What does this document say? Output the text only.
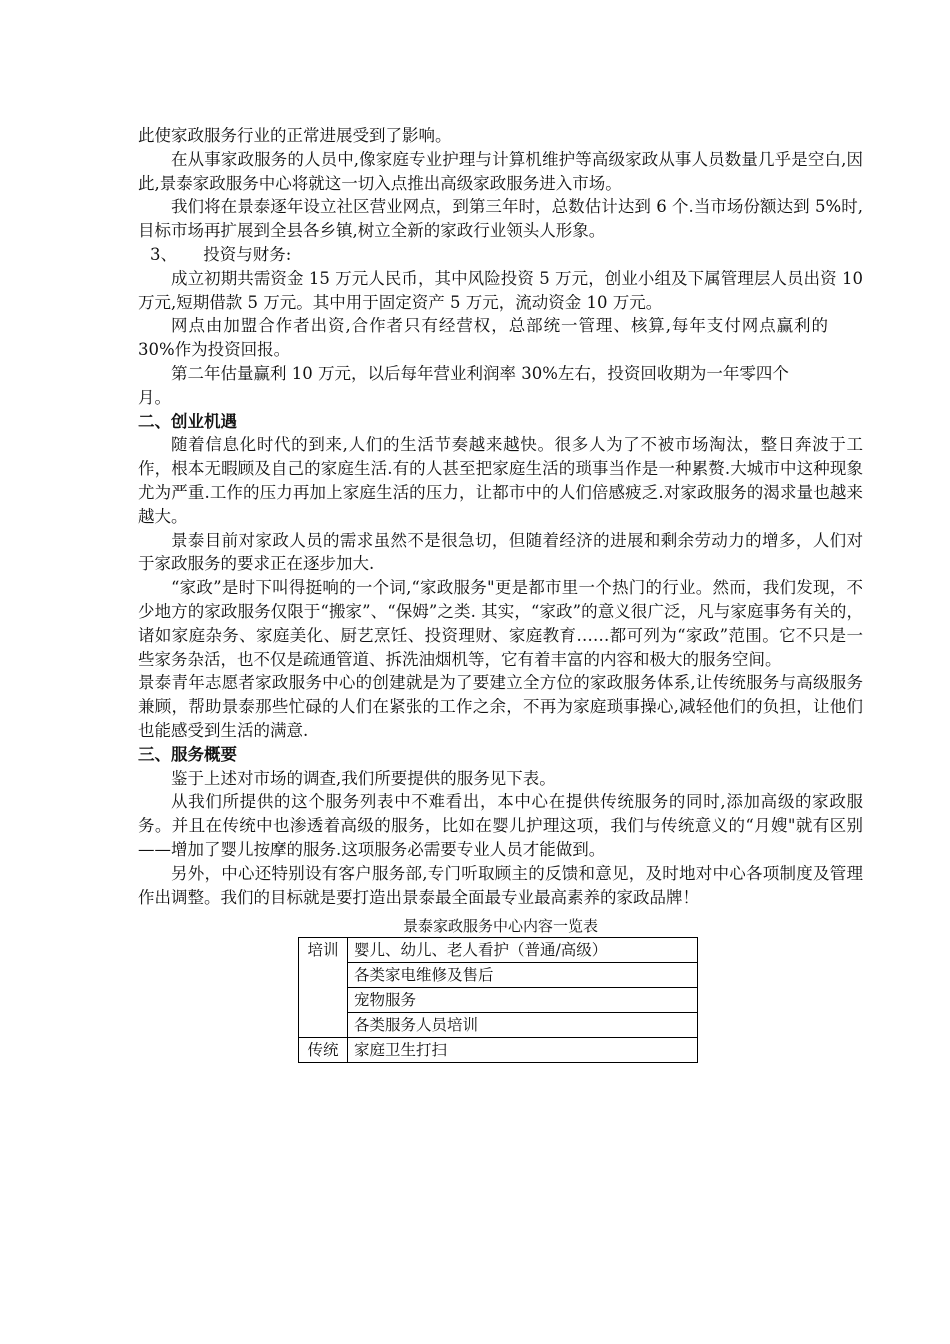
此使家政服务行业的正常进展受到了影响。

在从事家政服务的人员中,像家庭专业护理与计算机维护等高级家政从事人员数量几乎是空白,因此,景泰家政服务中心将就这一切入点推出高级家政服务进入市场。

我们将在景泰逐年设立社区营业网点，到第三年时，总数估计达到 6 个.当市场份额达到 5%时,目标市场再扩展到全县各乡镇,树立全新的家政行业领头人形象。

3、     投资与财务:

成立初期共需资金 15 万元人民币，其中风险投资 5 万元，创业小组及下属管理层人员出资 10 万元,短期借款 5 万元。其中用于固定资产 5 万元，流动资金 10 万元。

网点由加盟合作者出资,合作者只有经营权，总部统一管理、核算,每年支付网点赢利的 30%作为投资回报。

第二年估量赢利 10 万元，以后每年营业利润率 30%左右，投资回收期为一年零四个

月。

二、创业机遇

随着信息化时代的到来,人们的生活节奏越来越快。很多人为了不被市场淘汰，整日奔波于工作，根本无暇顾及自己的家庭生活.有的人甚至把家庭生活的琐事当作是一种累赘.大城市中这种现象尤为严重.工作的压力再加上家庭生活的压力，让都市中的人们倍感疲乏.对家政服务的渴求量也越来越大。

景泰目前对家政人员的需求虽然不是很急切，但随着经济的进展和剩余劳动力的增多，人们对于家政服务的要求正在逐步加大.

“家政”是时下叫得挺响的一个词,“家政服务"更是都市里一个热门的行业。然而，我们发现，不少地方的家政服务仅限于“搬家”、“保姆”之类. 其实，“家政”的意义很广泛，凡与家庭事务有关的，诸如家庭杂务、家庭美化、厨艺烹饪、投资理财、家庭教育……都可列为“家政”范围。它不只是一些家务杂活，也不仅是疏通管道、拆洗油烟机等，它有着丰富的内容和极大的服务空间。

景泰青年志愿者家政服务中心的创建就是为了要建立全方位的家政服务体系,让传统服务与高级服务兼顾，帮助景泰那些忙碌的人们在紧张的工作之余，不再为家庭琐事操心,减轻他们的负担，让他们也能感受到生活的满意.

三、服务概要

鉴于上述对市场的调查,我们所要提供的服务见下表。

从我们所提供的这个服务列表中不难看出，本中心在提供传统服务的同时,添加高级的家政服务。并且在传统中也渗透着高级的服务，比如在婴儿护理这项，我们与传统意义的“月嫂"就有区别——增加了婴儿按摩的服务.这项服务必需要专业人员才能做到。

另外，中心还特别设有客户服务部,专门听取顾主的反馈和意见，及时地对中心各项制度及管理作出调整。我们的目标就是要打造出景泰最全面最专业最高素养的家政品牌！

景泰家政服务中心内容一览表

培训	婴儿、幼儿、老人看护（普通/高级）
	各类家电维修及售后
	宠物服务
	各类服务人员培训
传统	家庭卫生打扫
